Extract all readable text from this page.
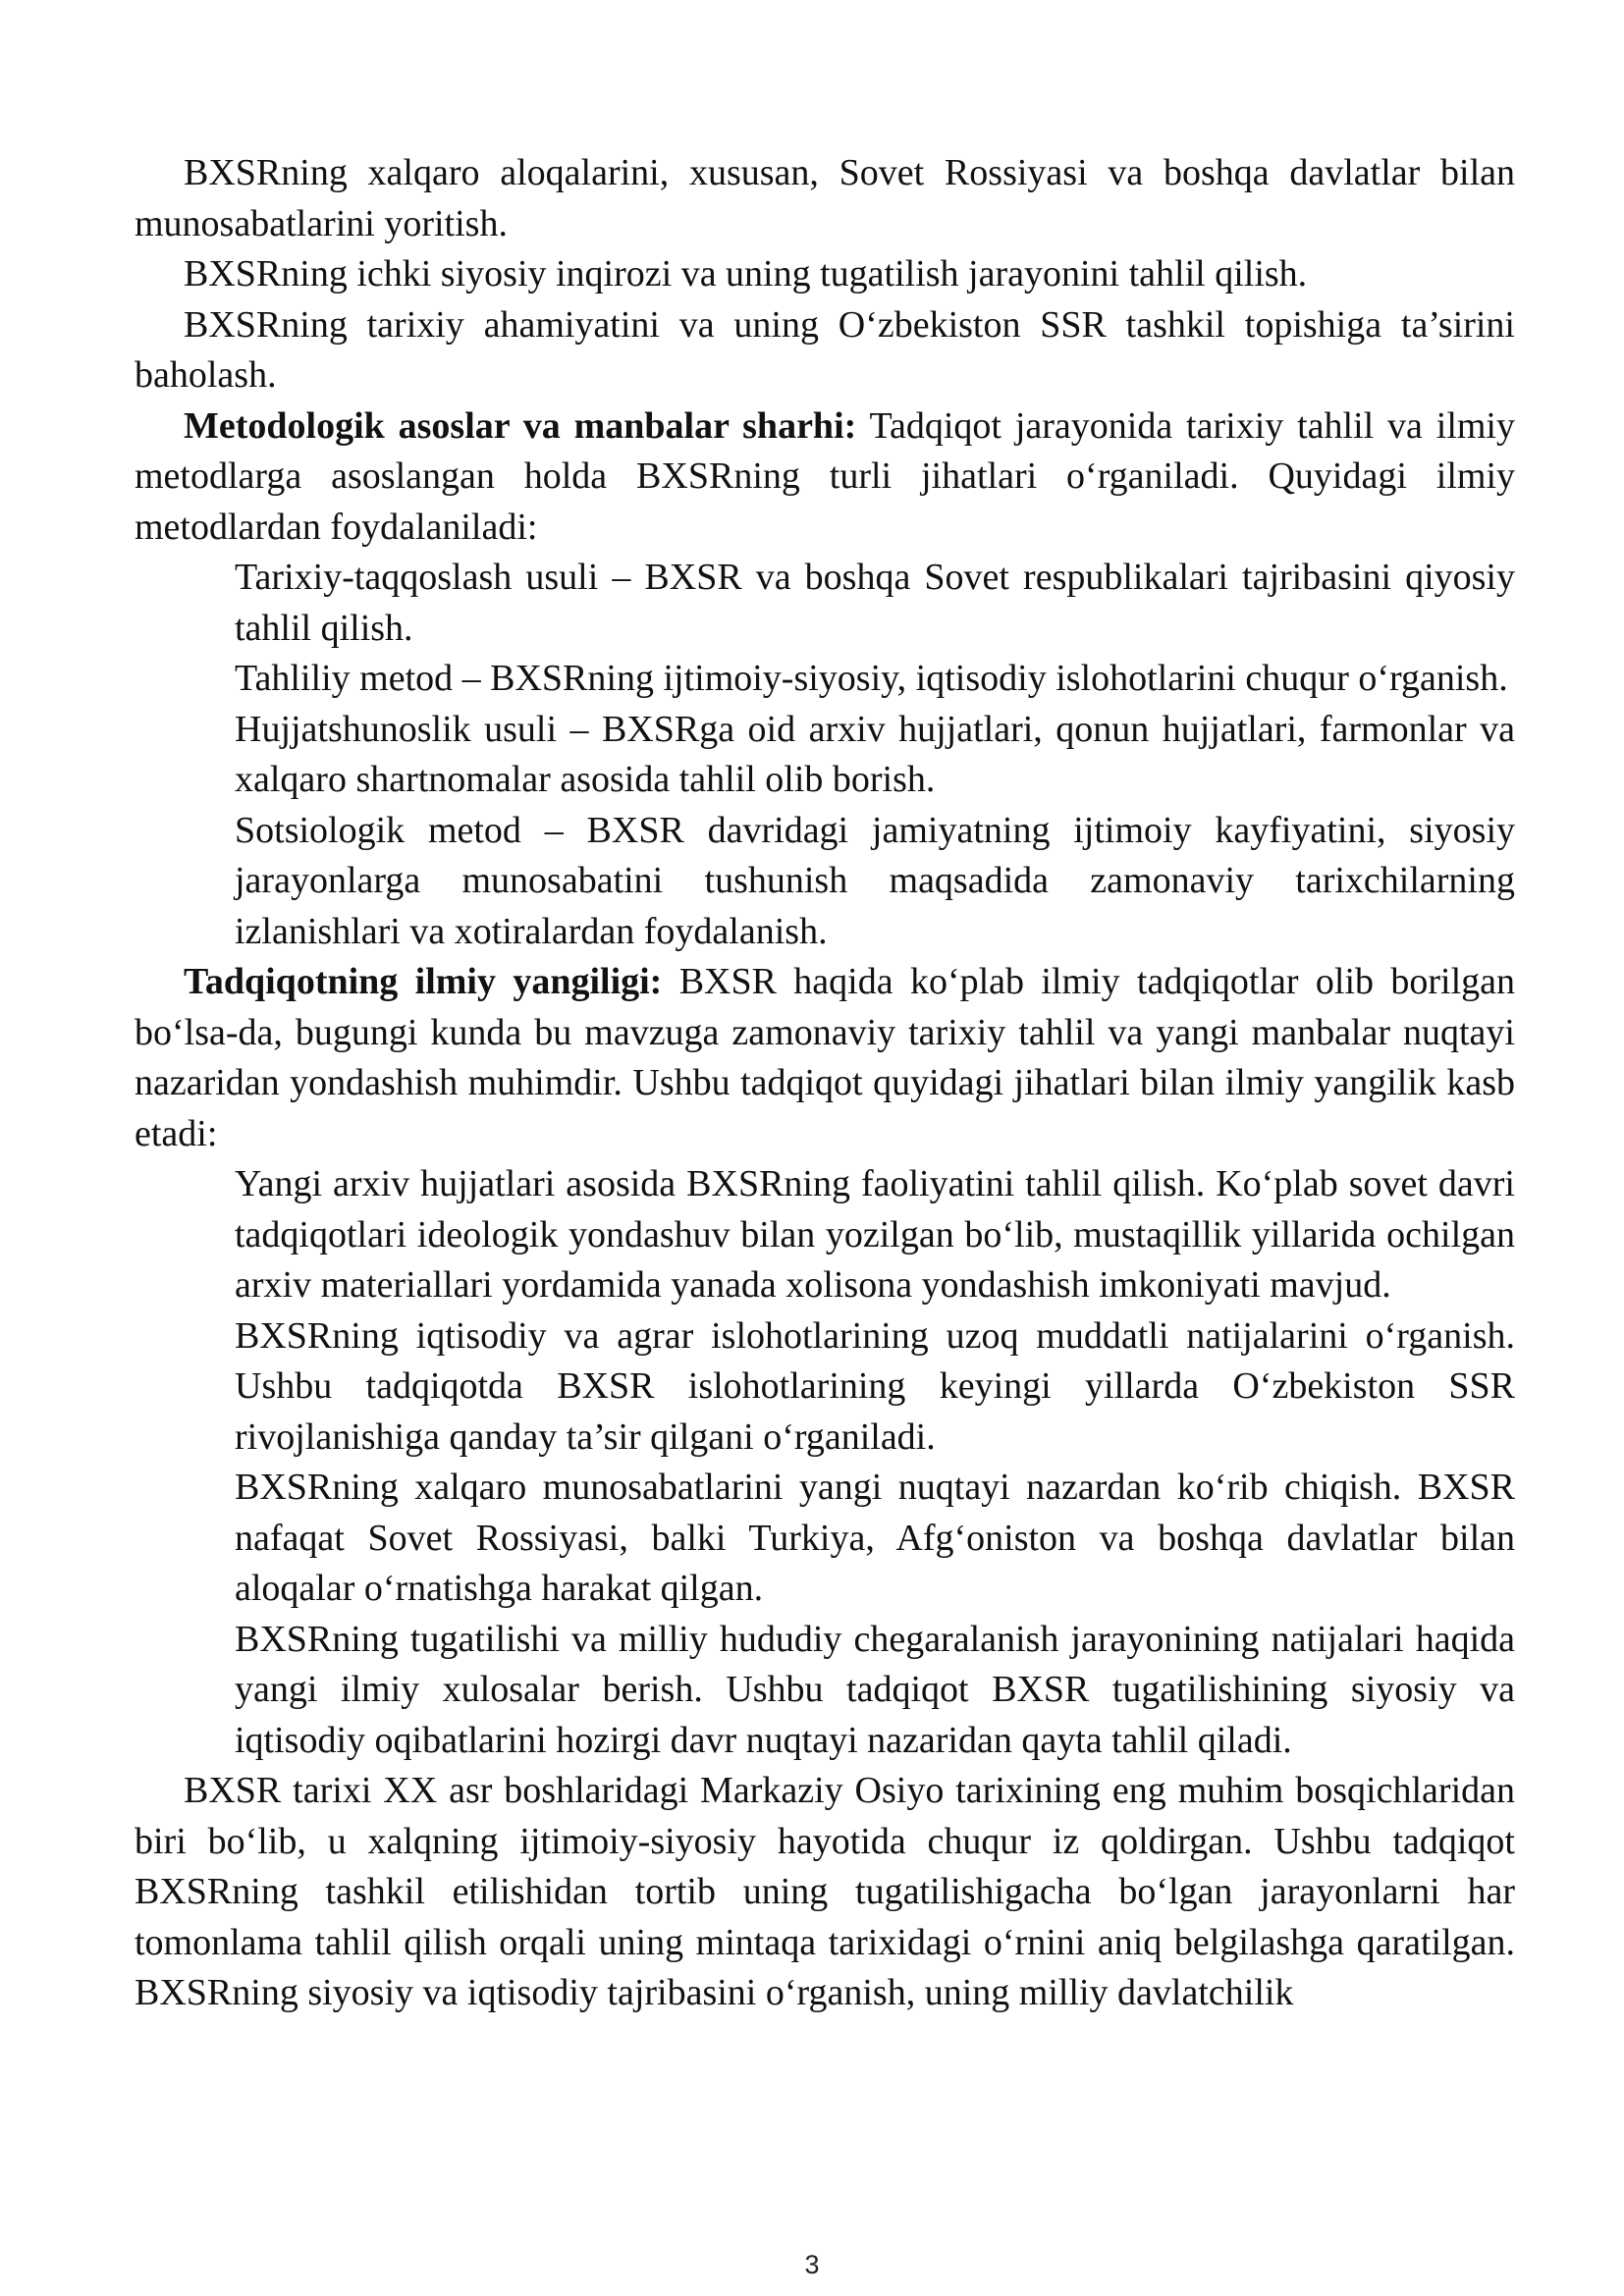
BXSRning xalqaro aloqalarini, xususan, Sovet Rossiyasi va boshqa davlatlar bilan munosabatlarini yoritish.

BXSRning ichki siyosiy inqirozi va uning tugatilish jarayonini tahlil qilish.

BXSRning tarixiy ahamiyatini va uning O‘zbekiston SSR tashkil topishiga ta’sirini baholash.

Metodologik asoslar va manbalar sharhi: Tadqiqot jarayonida tarixiy tahlil va ilmiy metodlarga asoslangan holda BXSRning turli jihatlari o‘rganiladi. Quyidagi ilmiy metodlardan foydalaniladi:

Tarixiy-taqqoslash usuli – BXSR va boshqa Sovet respublikalari tajribasini qiyosiy tahlil qilish.

Tahliliy metod – BXSRning ijtimoiy-siyosiy, iqtisodiy islohotlarini chuqur o‘rganish.

Hujjatshunoslik usuli – BXSRga oid arxiv hujjatlari, qonun hujjatlari, farmonlar va xalqaro shartnomalar asosida tahlil olib borish.

Sotsiologik metod – BXSR davridagi jamiyatning ijtimoiy kayfiyatini, siyosiy jarayonlarga munosabatini tushunish maqsadida zamonaviy tarixchilarning izlanishlari va xotiralardan foydalanish.

Tadqiqotning ilmiy yangiligi: BXSR haqida ko‘plab ilmiy tadqiqotlar olib borilgan bo‘lsa-da, bugungi kunda bu mavzuga zamonaviy tarixiy tahlil va yangi manbalar nuqtayi nazaridan yondashish muhimdir. Ushbu tadqiqot quyidagi jihatlari bilan ilmiy yangilik kasb etadi:

Yangi arxiv hujjatlari asosida BXSRning faoliyatini tahlil qilish. Ko‘plab sovet davri tadqiqotlari ideologik yondashuv bilan yozilgan bo‘lib, mustaqillik yillarida ochilgan arxiv materiallari yordamida yanada xolisona yondashish imkoniyati mavjud.

BXSRning iqtisodiy va agrar islohotlarining uzoq muddatli natijalarini o‘rganish. Ushbu tadqiqotda BXSR islohotlarining keyingi yillarda O‘zbekiston SSR rivojlanishiga qanday ta’sir qilgani o‘rganiladi.

BXSRning xalqaro munosabatlarini yangi nuqtayi nazardan ko‘rib chiqish. BXSR nafaqat Sovet Rossiyasi, balki Turkiya, Afg‘oniston va boshqa davlatlar bilan aloqalar o‘rnatishga harakat qilgan.

BXSRning tugatilishi va milliy hududiy chegaralanish jarayonining natijalari haqida yangi ilmiy xulosalar berish. Ushbu tadqiqot BXSR tugatilishining siyosiy va iqtisodiy oqibatlarini hozirgi davr nuqtayi nazaridan qayta tahlil qiladi.

BXSR tarixi XX asr boshlaridagi Markaziy Osiyo tarixining eng muhim bosqichlaridan biri bo‘lib, u xalqning ijtimoiy-siyosiy hayotida chuqur iz qoldirgan. Ushbu tadqiqot BXSRning tashkil etilishidan tortib uning tugatilishigacha bo‘lgan jarayonlarni har tomonlama tahlil qilish orqali uning mintaqa tarixidagi o‘rnini aniq belgilashga qaratilgan. BXSRning siyosiy va iqtisodiy tajribasini o‘rganish, uning milliy davlatchilik

3
